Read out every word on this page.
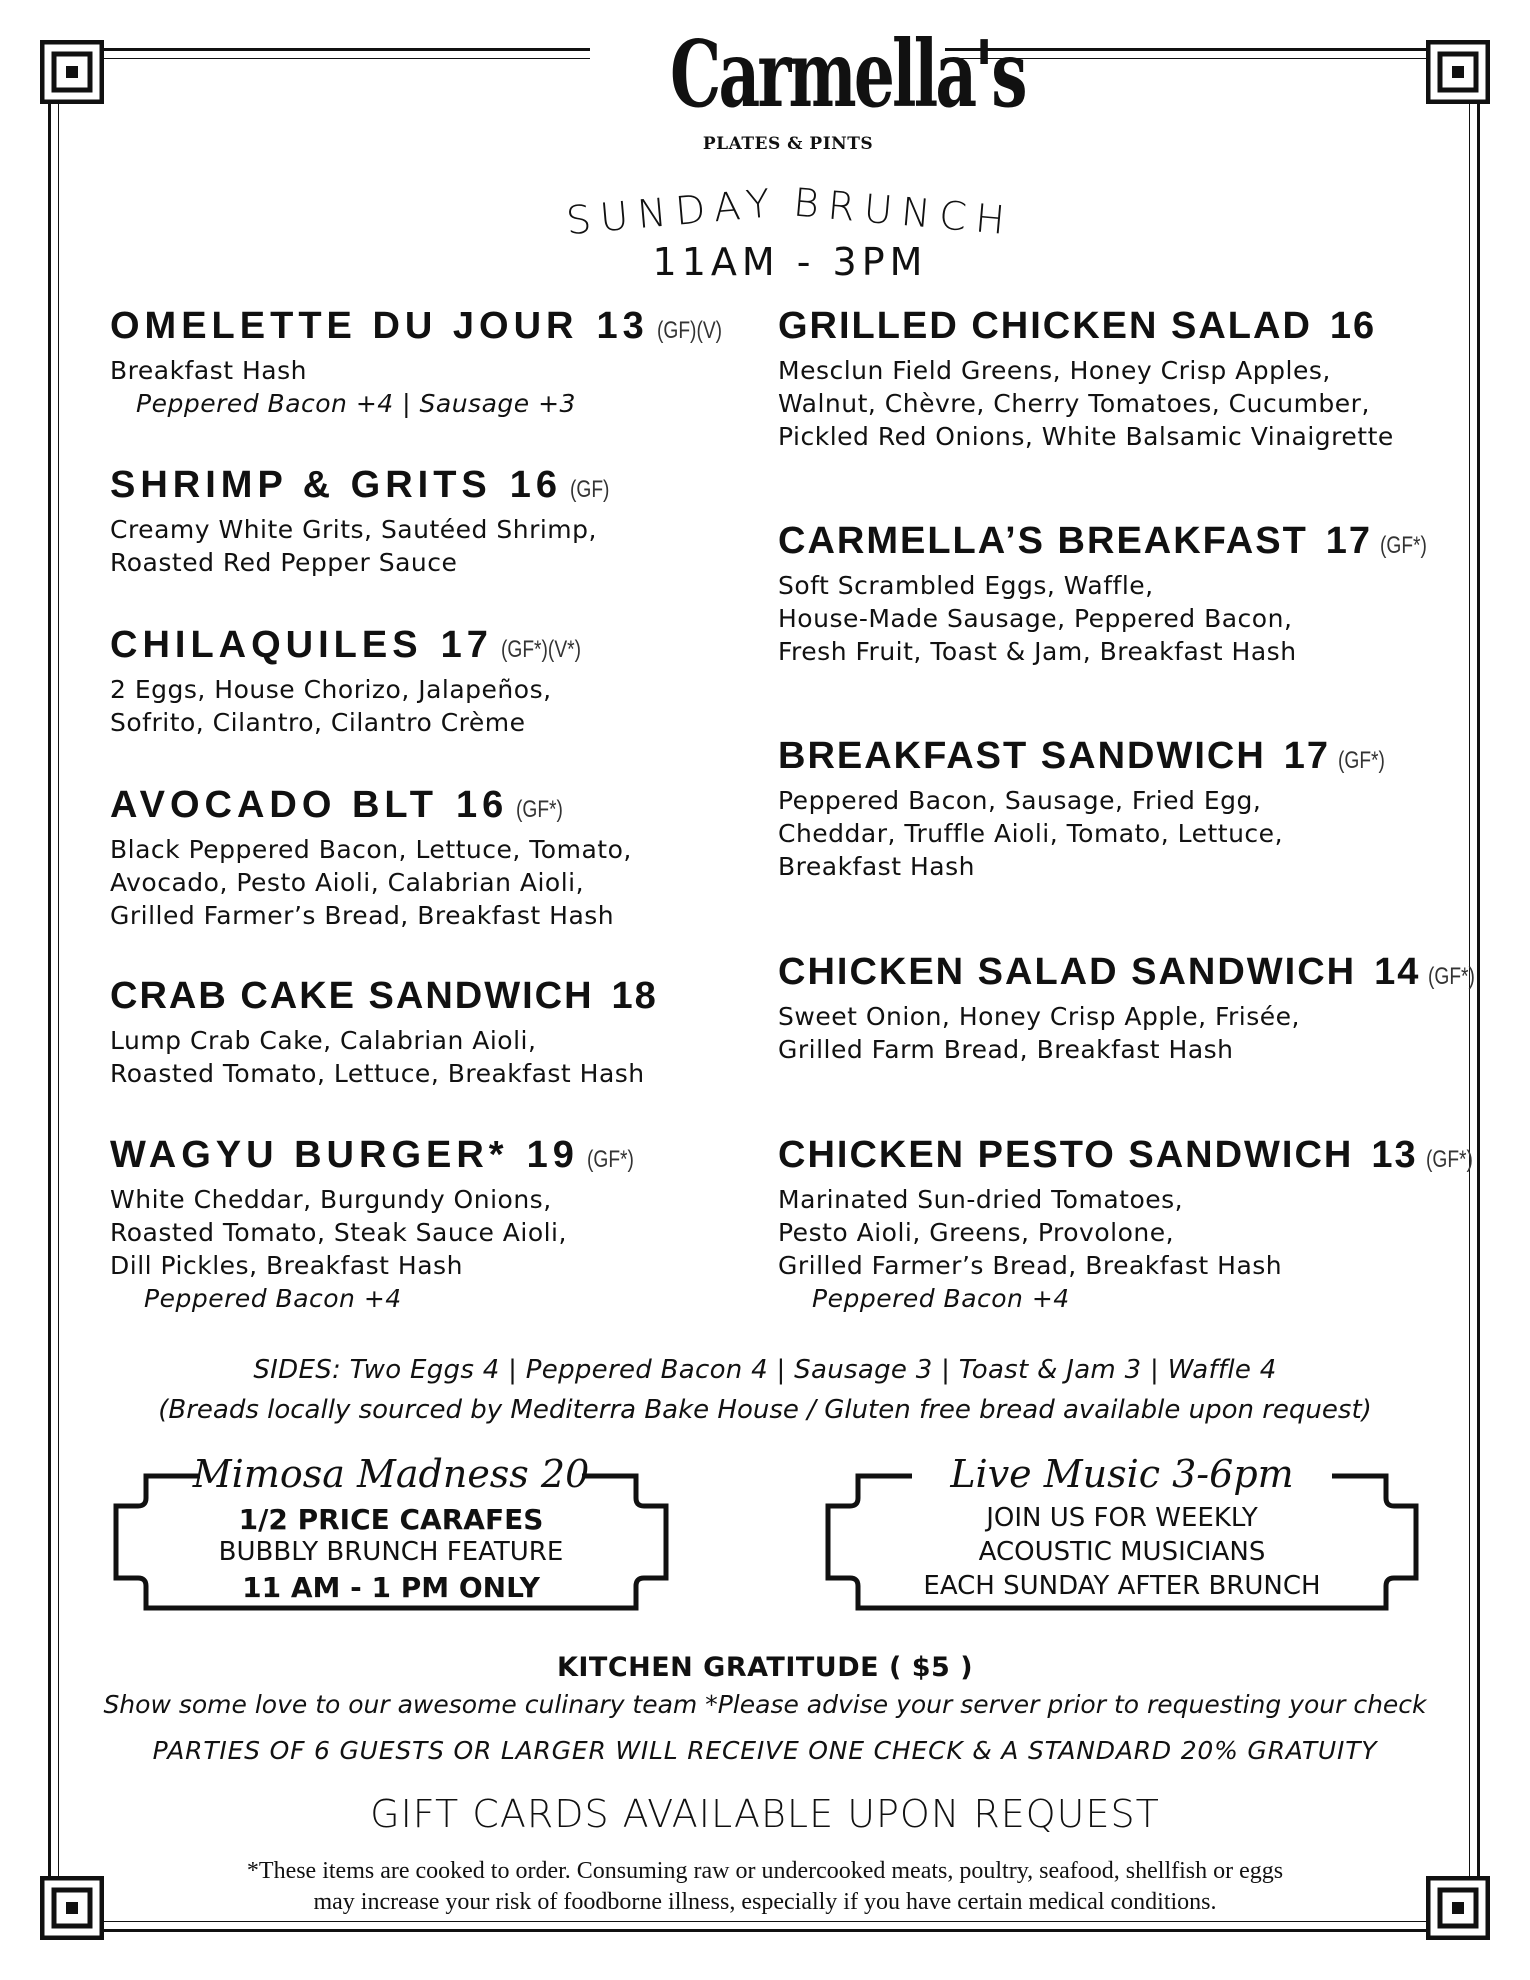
Carmella's
PLATES & PINTS
SUNDAY BRUNCH
11AM - 3PM
OMELETTE DU JOUR 13 (GF)(V)

Breakfast Hash

Peppered Bacon +4 | Sausage +3

SHRIMP & GRITS 16 (GF)

Creamy White Grits, Sautéed Shrimp,

Roasted Red Pepper Sauce

CHILAQUILES 17 (GF*)(V*)

2 Eggs, House Chorizo, Jalapeños,

Sofrito, Cilantro, Cilantro Crème

AVOCADO BLT 16 (GF*)

Black Peppered Bacon, Lettuce, Tomato,

Avocado, Pesto Aioli, Calabrian Aioli,

Grilled Farmer’s Bread, Breakfast Hash

CRAB CAKE SANDWICH 18

Lump Crab Cake, Calabrian Aioli,

Roasted Tomato, Lettuce, Breakfast Hash

WAGYU BURGER* 19 (GF*)

White Cheddar, Burgundy Onions,

Roasted Tomato, Steak Sauce Aioli,

Dill Pickles, Breakfast Hash

Peppered Bacon +4

GRILLED CHICKEN SALAD 16

Mesclun Field Greens, Honey Crisp Apples,

Walnut, Chèvre, Cherry Tomatoes, Cucumber,

Pickled Red Onions, White Balsamic Vinaigrette

CARMELLA’S BREAKFAST 17 (GF*)

Soft Scrambled Eggs, Waffle,

House-Made Sausage, Peppered Bacon,

Fresh Fruit, Toast & Jam, Breakfast Hash

BREAKFAST SANDWICH 17 (GF*)

Peppered Bacon, Sausage, Fried Egg,

Cheddar, Truffle Aioli, Tomato, Lettuce,

Breakfast Hash

CHICKEN SALAD SANDWICH 14 (GF*)

Sweet Onion, Honey Crisp Apple, Frisée,

Grilled Farm Bread, Breakfast Hash

CHICKEN PESTO SANDWICH 13 (GF*)

Marinated Sun-dried Tomatoes,

Pesto Aioli, Greens, Provolone,

Grilled Farmer’s Bread, Breakfast Hash

Peppered Bacon +4

SIDES: Two Eggs 4 | Peppered Bacon 4 | Sausage 3 | Toast & Jam 3 | Waffle 4
(Breads locally sourced by Mediterra Bake House / Gluten free bread available upon request)
Mimosa Madness 20
1/2 PRICE CARAFES
BUBBLY BRUNCH FEATURE
11 AM - 1 PM ONLY
Live Music 3-6pm
JOIN US FOR WEEKLY
ACOUSTIC MUSICIANS
EACH SUNDAY AFTER BRUNCH
KITCHEN GRATITUDE ( $5 )
Show some love to our awesome culinary team *Please advise your server prior to requesting your check
PARTIES OF 6 GUESTS OR LARGER WILL RECEIVE ONE CHECK & A STANDARD 20% GRATUITY
GIFT CARDS AVAILABLE UPON REQUEST
*These items are cooked to order. Consuming raw or undercooked meats, poultry, seafood, shellfish or eggs
may increase your risk of foodborne illness, especially if you have certain medical conditions.
